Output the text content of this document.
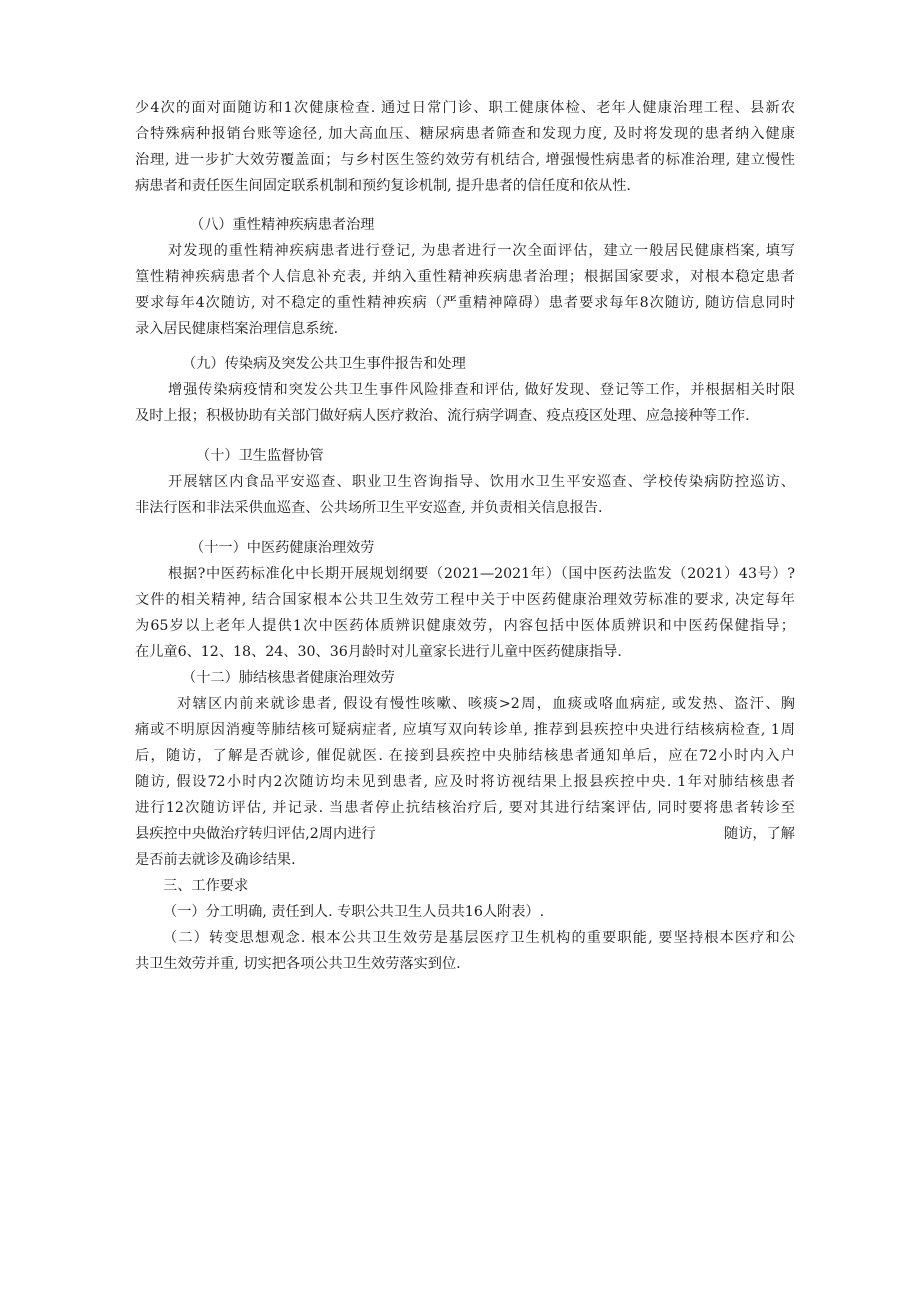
少4次的面对面随访和1次健康检查. 通过日常门诊、职工健康体检、老年人健康治理工程、县新农
合特殊病种报销台账等途径, 加大高血压、糖尿病患者筛查和发现力度, 及时将发现的患者纳入健康
治理, 进一步扩大效劳覆盖面；与乡村医生签约效劳有机结合, 增强慢性病患者的标准治理, 建立慢性
病患者和责任医生间固定联系机制和预约复诊机制, 提升患者的信任度和依从性.
（八）重性精神疾病患者治理
对发现的重性精神疾病患者进行登记, 为患者进行一次全面评估，建立一般居民健康档案, 填写
篁性精神疾病患者个人信息补充表, 并纳入重性精神疾病患者治理；根据国家要求，对根本稳定患者
要求每年4次随访, 对不稳定的重性精神疾病（严重精神障碍）患者要求每年8次随访, 随访信息同时
录入居民健康档案治理信息系统.
（九）传染病及突发公共卫生事件报告和处理
增强传染病疫情和突发公共卫生事件风险排查和评估, 做好发现、登记等工作，并根据相关时限
及时上报；积极协助有关部门做好病人医疗救治、流行病学调查、疫点疫区处理、应急接种等工作.
（十）卫生监督协管
开展辖区内食品平安巡查、职业卫生咨询指导、饮用水卫生平安巡查、学校传染病防控巡访、
非法行医和非法采供血巡查、公共场所卫生平安巡查, 并负责相关信息报告.
（十一）中医药健康治理效劳
根据?中医药标准化中长期开展规划纲要（2021—2021年）（国中医药法监发（2021）43号）?
文件的相关精神, 结合国家根本公共卫生效劳工程中关于中医药健康治理效劳标准的要求, 决定每年
为65岁以上老年人提供1次中医药体质辨识健康效劳，内容包括中医体质辨识和中医药保健指导；
在儿童6、12、18、24、30、36月龄时对儿童家长进行儿童中医药健康指导.
（十二）肺结核患者健康治理效劳
对辖区内前来就诊患者, 假设有慢性咳嗽、咳痰>2周，血痰或咯血病症, 或发热、盗汗、胸
痛或不明原因消瘦等肺结核可疑病症者, 应填写双向转诊单, 推荐到县疾控中央进行结核病检查, 1周
后，随访，了解是否就诊, 催促就医. 在接到县疾控中央肺结核患者通知单后，应在72小时内入户
随访, 假设72小时内2次随访均未见到患者, 应及时将访视结果上报县疾控中央. 1年对肺结核患者
进行12次随访评估, 并记录. 当患者停止抗结核治疗后, 要对其进行结案评估, 同时要将患者转诊至
县疾控中央做治疗转归评估,2周内进行	随访，了解
是否前去就诊及确诊结果.
三、工作要求
（一）分工明确, 责任到人. 专职公共卫生人员共16人附表）.
（二）转变思想观念. 根本公共卫生效劳是基层医疗卫生机构的重要职能, 要坚持根本医疗和公
共卫生效劳并重, 切实把各项公共卫生效劳落实到位.
